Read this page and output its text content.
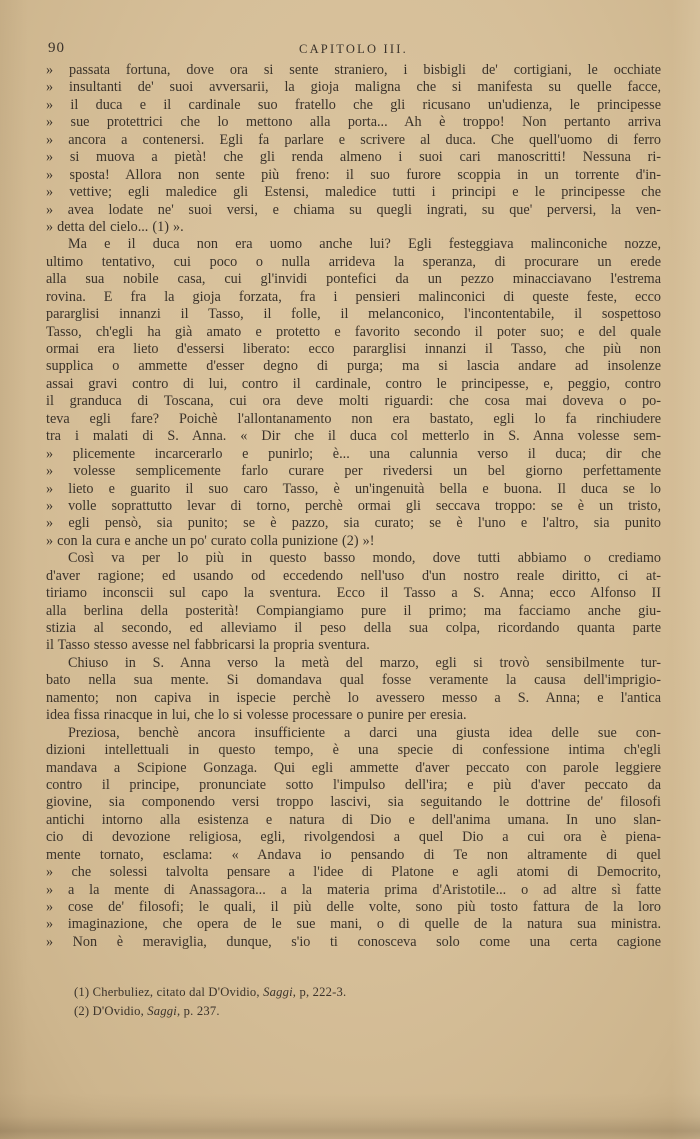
90	CAPITOLO III.
» passata fortuna, dove ora si sente straniero, i bisbigli de' cortigiani, le occhiate
» insultanti de' suoi avversarii, la gioja maligna che si manifesta su quelle facce,
» il duca e il cardinale suo fratello che gli ricusano un'udienza, le principesse
» sue protettrici che lo mettono alla porta... Ah è troppo! Non pertanto arriva
» ancora a contenersi. Egli fa parlare e scrivere al duca. Che quell'uomo di ferro
» si muova a pietà! che gli renda almeno i suoi cari manoscritti! Nessuna ri-
» sposta! Allora non sente più freno: il suo furore scoppia in un torrente d'in-
» vettive; egli maledice gli Estensi, maledice tutti i principi e le principesse che
» avea lodate ne' suoi versi, e chiama su quegli ingrati, su que' perversi, la ven-
» detta del cielo... (1) ».
Ma e il duca non era uomo anche lui? Egli festeggiava malinconiche nozze,
ultimo tentativo, cui poco o nulla arrideva la speranza, di procurare un erede
alla sua nobile casa, cui gl'invidi pontefici da un pezzo minacciavano l'estrema
rovina. E fra la gioja forzata, fra i pensieri malinconici di queste feste, ecco
pararglisi innanzi il Tasso, il folle, il melanconico, l'incontentabile, il sospettoso
Tasso, ch'egli ha già amato e protetto e favorito secondo il poter suo; e del quale
ormai era lieto d'essersi liberato: ecco pararglisi innanzi il Tasso, che più non
supplica o ammette d'esser degno di purga; ma si lascia andare ad insolenze
assai gravi contro di lui, contro il cardinale, contro le principesse, e, peggio, contro
il granduca di Toscana, cui ora deve molti riguardi: che cosa mai doveva o po-
teva egli fare? Poichè l'allontanamento non era bastato, egli lo fa rinchiudere
tra i malati di S. Anna. « Dir che il duca col metterlo in S. Anna volesse sem-
» plicemente incarcerarlo e punirlo; è... una calunnia verso il duca; dir che
» volesse semplicemente farlo curare per rivedersi un bel giorno perfettamente
» lieto e guarito il suo caro Tasso, è un'ingenuità bella e buona. Il duca se lo
» volle soprattutto levar di torno, perchè ormai gli seccava troppo: se è un tristo,
» egli pensò, sia punito; se è pazzo, sia curato; se è l'uno e l'altro, sia punito
» con la cura e anche un po' curato colla punizione (2) »!
Così va per lo più in questo basso mondo, dove tutti abbiamo o crediamo
d'aver ragione; ed usando od eccedendo nell'uso d'un nostro reale diritto, ci at-
tiriamo inconscii sul capo la sventura. Ecco il Tasso a S. Anna; ecco Alfonso II
alla berlina della posterità! Compiangiamo pure il primo; ma facciamo anche giu-
stizia al secondo, ed alleviamo il peso della sua colpa, ricordando quanta parte
il Tasso stesso avesse nel fabbricarsi la propria sventura.
Chiuso in S. Anna verso la metà del marzo, egli si trovò sensibilmente tur-
bato nella sua mente. Si domandava qual fosse veramente la causa dell'imprigio-
namento; non capiva in ispecie perchè lo avessero messo a S. Anna; e l'antica
idea fissa rinacque in lui, che lo si volesse processare o punire per eresia.
Preziosa, benchè ancora insufficiente a darci una giusta idea delle sue con-
dizioni intellettuali in questo tempo, è una specie di confessione intima ch'egli
mandava a Scipione Gonzaga. Qui egli ammette d'aver peccato con parole leggiere
contro il principe, pronunciate sotto l'impulso dell'ira; e più d'aver peccato da
giovine, sia componendo versi troppo lascivi, sia seguitando le dottrine de' filosofi
antichi intorno alla esistenza e natura di Dio e dell'anima umana. In uno slan-
cio di devozione religiosa, egli, rivolgendosi a quel Dio a cui ora è piena-
mente tornato, esclama: « Andava io pensando di Te non altramente di quel
» che solessi talvolta pensare a l'idee di Platone e agli atomi di Democrito,
» a la mente di Anassagora... a la materia prima d'Aristotile... o ad altre sì fatte
» cose de' filosofi; le quali, il più delle volte, sono più tosto fattura de la loro
» imaginazione, che opera de le sue mani, o di quelle de la natura sua ministra.
» Non è meraviglia, dunque, s'io ti conosceva solo come una certa cagione
(1) Cherbuliez, citato dal D'Ovidio, Saggi, p, 222-3.
(2) D'Ovidio, Saggi, p. 237.
